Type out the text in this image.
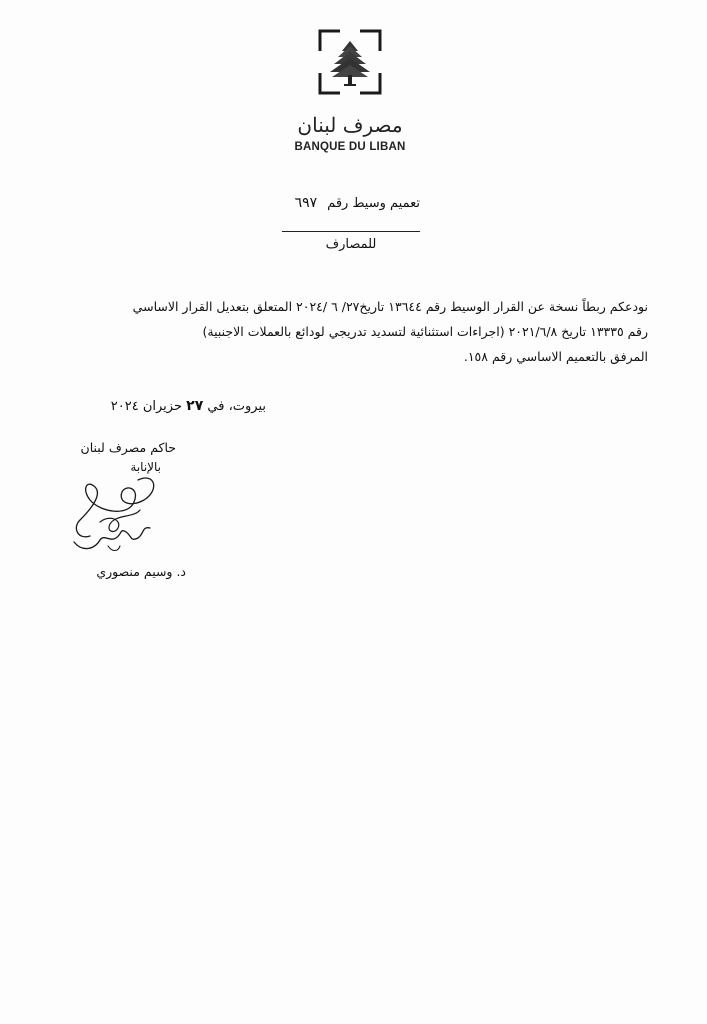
مصرف لبنان
BANQUE DU LIBAN
تعميم وسيط رقم٦٩٧
للمصارف
نودعكم ربطاً نسخة عن القرار الوسيط رقم ١٣٦٤٤ تاريخ٢٧/ ٦ /٢٠٢٤ المتعلق بتعديل القرار الاساسي
رقم ١٣٣٣٥ تاريخ ٢٠٢١/٦/٨ (اجراءات استثنائية لتسديد تدريجي لودائع بالعملات الاجنبية)
المرفق بالتعميم الاساسي رقم ١٥٨.
بيروت، في ٢٧ حزيران ٢٠٢٤
حاكم مصرف لبنان
بالإنابة
د. وسيم منصوري
